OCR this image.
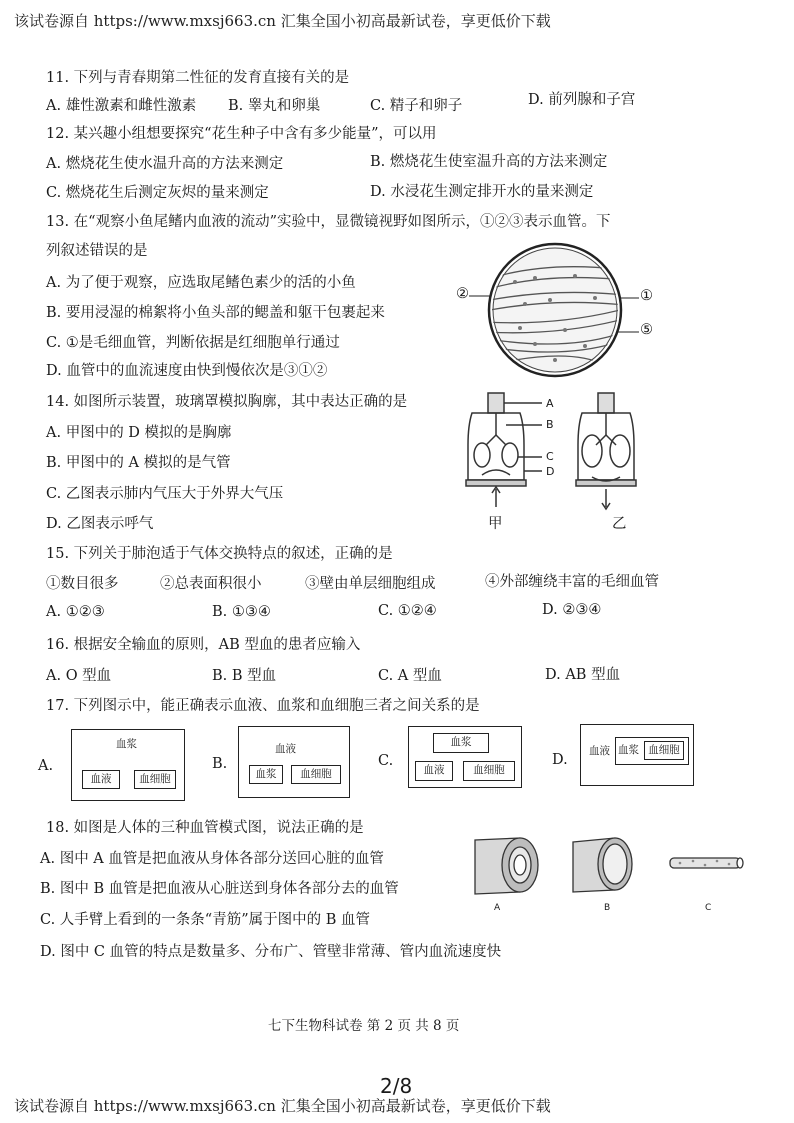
该试卷源自 https://www.mxsj663.cn 汇集全国小初高最新试卷，享更低价下载
11. 下列与青春期第二性征的发育直接有关的是
A. 雄性激素和雌性激素 B. 睾丸和卵巢	C. 精子和卵子	D. 前列腺和子宫
12. 某兴趣小组想要探究“花生种子中含有多少能量”，可以用
A. 燃烧花生使水温升高的方法来测定	B. 燃烧花生使室温升高的方法来测定
C. 燃烧花生后测定灰烬的量来测定	D. 水浸花生测定排开水的量来测定
13. 在“观察小鱼尾鳍内血液的流动”实验中，显微镜视野如图所示，①②③表示血管。下
列叙述错误的是
A. 为了便于观察，应选取尾鳍色素少的活的小鱼
B. 要用浸湿的棉絮将小鱼头部的鳃盖和躯干包裹起来
C. ①是毛细血管，判断依据是红细胞单行通过
D. 血管中的血流速度由快到慢依次是③①②
②	①
⑤
14. 如图所示装置，玻璃罩模拟胸廓，其中表达正确的是
A. 甲图中的 D 模拟的是胸廓
B. 甲图中的 A 模拟的是气管
C. 乙图表示肺内气压大于外界大气压
D. 乙图表示呼气
A
B
C
D
甲	乙
15. 下列关于肺泡适于气体交换特点的叙述，正确的是
①数目很多	②总表面积很小	③壁由单层细胞组成	④外部缠绕丰富的毛细血管
A. ①②③	B. ①③④	C. ①②④	D. ②③④
16. 根据安全输血的原则，AB 型血的患者应输入
A. O 型血	B. B 型血	C. A 型血	D. AB 型血
17. 下列图示中，能正确表示血液、血浆和血细胞三者之间关系的是
A.	B.	C.	D.
血浆
血液	血细胞
血液
血浆	血细胞
血浆
血液	血细胞
血液 血浆 血细胞
18. 如图是人体的三种血管模式图，说法正确的是
A. 图中 A 血管是把血液从身体各部分送回心脏的血管
B. 图中 B 血管是把血液从心脏送到身体各部分去的血管
C. 人手臂上看到的一条条“青筋”属于图中的 B 血管
D. 图中 C 血管的特点是数量多、分布广、管壁非常薄、管内血流速度快
A	B	C
七下生物科试卷 第 2 页 共 8 页
2/8
该试卷源自 https://www.mxsj663.cn 汇集全国小初高最新试卷，享更低价下载
